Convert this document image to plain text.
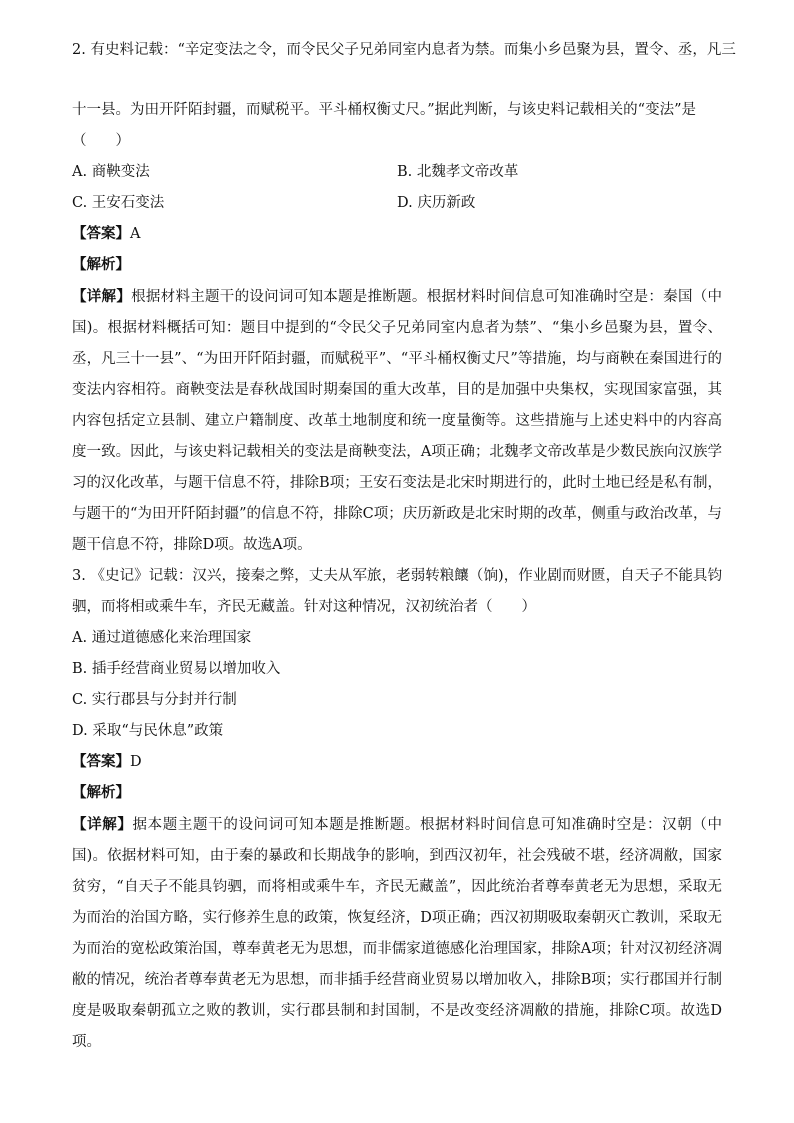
2. 有史料记载：“辛定变法之令，而令民父子兄弟同室内息者为禁。而集小乡邑聚为县，置令、丞，凡三
十一县。为田开阡陌封疆，而赋税平。平斗桶权衡丈尺。”据此判断，与该史料记载相关的“变法”是
（　　）
A. 商鞅变法	B. 北魏孝文帝改革
C. 王安石变法	D. 庆历新政
【答案】A
【解析】
【详解】根据材料主题干的设问词可知本题是推断题。根据材料时间信息可知准确时空是：秦国（中国)。根据材料概括可知：题目中提到的“令民父子兄弟同室内息者为禁”、“集小乡邑聚为县，置令、丞，凡三十一县”、“为田开阡陌封疆，而赋税平”、“平斗桶权衡丈尺”等措施，均与商鞅在秦国进行的变法内容相符。商鞅变法是春秋战国时期秦国的重大改革，目的是加强中央集权，实现国家富强，其内容包括定立县制、建立户籍制度、改革土地制度和统一度量衡等。这些措施与上述史料中的内容高度一致。因此，与该史料记载相关的变法是商鞅变法，A项正确；北魏孝文帝改革是少数民族向汉族学习的汉化改革，与题干信息不符，排除B项；王安石变法是北宋时期进行的，此时土地已经是私有制，与题干的“为田开阡陌封疆”的信息不符，排除C项；庆历新政是北宋时期的改革，侧重与政治改革，与题干信息不符，排除D项。故选A项。
3. 《史记》记载：汉兴，接秦之弊，丈夫从军旅，老弱转粮饟（饷)，作业剧而财匮，自天子不能具钧驷，而将相或乘牛车，齐民无藏盖。针对这种情况，汉初统治者（　　）
A. 通过道德感化来治理国家
B. 插手经营商业贸易以增加收入
C. 实行郡县与分封并行制
D. 采取“与民休息”政策
【答案】D
【解析】
【详解】据本题主题干的设问词可知本题是推断题。根据材料时间信息可知准确时空是：汉朝（中国)。依据材料可知，由于秦的暴政和长期战争的影响，到西汉初年，社会残破不堪，经济凋敝，国家贫穷，“自天子不能具钧驷，而将相或乘牛车，齐民无藏盖”，因此统治者尊奉黄老无为思想，采取无为而治的治国方略，实行修养生息的政策，恢复经济，D项正确；西汉初期吸取秦朝灭亡教训，采取无为而治的宽松政策治国，尊奉黄老无为思想，而非儒家道德感化治理国家，排除A项；针对汉初经济凋敝的情况，统治者尊奉黄老无为思想，而非插手经营商业贸易以增加收入，排除B项；实行郡国并行制度是吸取秦朝孤立之败的教训，实行郡县制和封国制，不是改变经济凋敝的措施，排除C项。故选D项。
